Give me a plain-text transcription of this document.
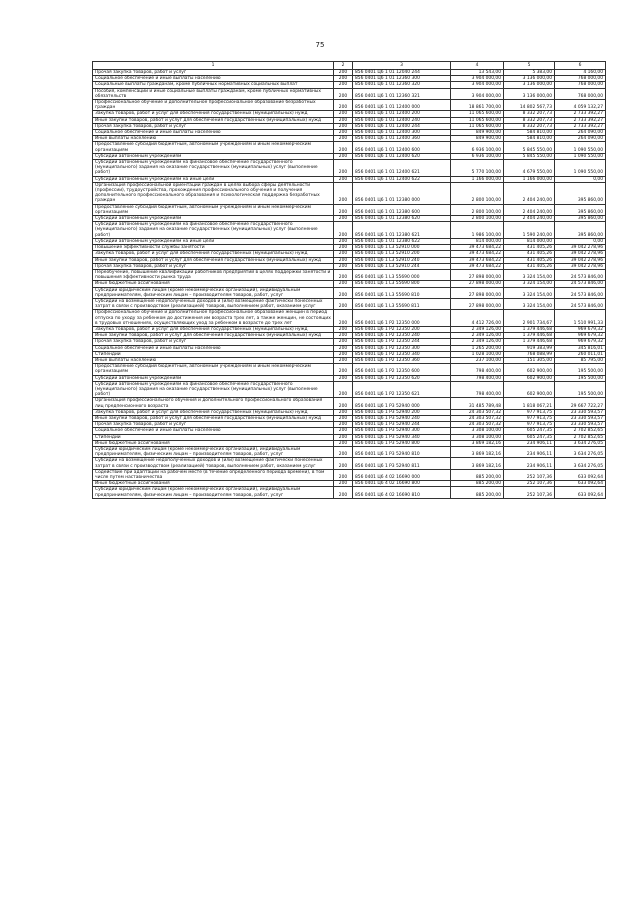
75
1	2	3	4	5	6
Прочая закупка товаров, работ и услуг	200	856 0401 Ц6 1 01 12040 244	13 543,00	5 383,00	4 160,00
Социальное обеспечение и иные выплаты населению	200	856 0401 Ц6 1 01 12360 300	3 904 000,00	3 136 000,00	768 000,00
Социальные выплаты гражданам, кроме публичных нормативных социальных выплат	200	856 0401 Ц6 1 01 12360 320	3 904 000,00	3 136 000,00	768 000,00
Пособия, компенсации и иные социальные выплаты гражданам, кроме публичных нормативных обязательств	200	856 0401 Ц6 1 01 12360 321	3 904 000,00	3 136 000,00	768 000,00
Профессиональное обучение и дополнительное профессиональное образование безработных граждан	200	856 0401 Ц6 1 01 12400 000	18 861 700,00	14 802 567,73	4 059 132,27
Закупка товаров, работ и услуг для обеспечения государственных (муниципальных) нужд	200	856 0401 Ц6 1 01 12400 200	11 065 600,00	8 332 207,73	2 733 392,27
Иные закупки товаров, работ и услуг для обеспечения государственных (муниципальных) нужд	200	856 0401 Ц6 1 01 12400 240	11 065 600,00	8 332 207,73	2 733 392,27
Прочая закупка товаров, работ и услуг	200	856 0401 Ц6 1 01 12400 244	11 065 600,00	8 332 207,73	2 733 392,27
Социальное обеспечение и иные выплаты населению	200	856 0401 Ц6 1 01 12400 300	849 900,00	584 810,00	264 090,00
Иные выплаты населению	200	856 0401 Ц6 1 01 12400 360	849 900,00	584 810,00	264 090,00
Предоставление субсидий бюджетным, автономным учреждениям и иным некоммерческим организациям	200	856 0401 Ц6 1 01 12400 600	6 936 100,00	5 845 550,00	1 090 550,00
Субсидии автономным учреждениям	200	856 0401 Ц6 1 01 12400 620	6 936 100,00	5 845 550,00	1 090 550,00
Субсидии автономным учреждениям на финансовое обеспечение государственного (муниципального) задания на оказание государственных (муниципальных) услуг (выполнение работ)	200	856 0401 Ц6 1 01 12400 621	5 770 100,00	4 679 550,00	1 090 550,00
Субсидии автономным учреждениям на иные цели	200	856 0401 Ц6 1 01 12400 622	1 166 000,00	1 166 000,00	0,00
Организация профессиональной ориентации граждан в целях выбора сферы деятельности (профессии), трудоустройства, прохождения профессионального обучения и получения дополнительного профессионального образования и психологическая поддержка безработных граждан	200	856 0401 Ц6 1 01 12380 000	2 800 100,00	2 404 240,00	395 860,00
Предоставление субсидий бюджетным, автономным учреждениям и иным некоммерческим организациям	200	856 0401 Ц6 1 01 12380 600	2 800 100,00	2 404 240,00	395 860,00
Субсидии автономным учреждениям	200	856 0401 Ц6 1 01 12380 620	2 800 100,00	2 404 240,00	395 860,00
Субсидии автономным учреждениям на финансовое обеспечение государственного (муниципального) задания на оказание государственных (муниципальных) услуг (выполнение работ)	200	856 0401 Ц6 1 01 12380 621	1 986 100,00	1 590 240,00	395 860,00
Субсидии автономным учреждениям на иные цели	200	856 0401 Ц6 1 01 12380 622	814 000,00	814 000,00	0,00
Повышение эффективности службы занятости	200	856 0401 Ц6 1 L3 52910 000	39 473 684,22	431 405,26	39 042 278,96
Закупка товаров, работ и услуг для обеспечения государственных (муниципальных) нужд	200	856 0401 Ц6 1 L3 52910 200	39 473 684,22	431 405,26	39 042 278,96
Иные закупки товаров, работ и услуг для обеспечения государственных (муниципальных) нужд	200	856 0401 Ц6 1 L3 52910 240	39 473 684,22	431 405,26	39 042 278,96
Прочая закупка товаров, работ и услуг	200	856 0401 Ц6 1 L3 52910 244	39 473 684,22	431 405,26	39 042 278,96
Переобучение, повышение квалификации работников предприятий в целях поддержки занятости и повышения эффективности рынка труда	200	856 0401 Ц6 1 L3 55690 000	27 898 000,00	3 324 154,00	24 573 846,00
Иные бюджетные ассигнования	200	856 0401 Ц6 1 L3 55690 800	27 898 000,00	3 324 154,00	24 573 846,00
Субсидии юридическим лицам (кроме некоммерческих организаций), индивидуальным предпринимателям, физическим лицам – производителям товаров, работ, услуг	200	856 0401 Ц6 1 L3 55690 810	27 898 000,00	3 324 154,00	24 573 846,00
Субсидии на возмещение недополученных доходов и (или) возмещение фактически понесенных затрат в связи с производством (реализацией) товаров, выполнением работ, оказанием услуг	200	856 0401 Ц6 1 L3 55690 811	27 898 000,00	3 324 154,00	24 573 846,00
Профессиональное обучение и дополнительное профессиональное образование женщин в период отпуска по уходу за ребенком до достижения им возраста трех лет, а также женщин, не состоящих в трудовых отношениях, осуществляющих уход за ребенком в возрасте до трех лет	200	856 0401 Ц6 1 P2 12350 000	4 412 726,00	2 901 734,67	1 510 991,33
Закупка товаров, работ и услуг для обеспечения государственных (муниципальных) нужд	200	856 0401 Ц6 1 P2 12350 200	2 349 126,00	1 379 446,68	969 679,32
Иные закупки товаров, работ и услуг для обеспечения государственных (муниципальных) нужд	200	856 0401 Ц6 1 P2 12350 240	2 349 126,00	1 379 446,68	969 679,32
Прочая закупка товаров, работ и услуг	200	856 0401 Ц6 1 P2 12350 244	2 349 126,00	1 379 446,68	969 679,32
Социальное обеспечение и иные выплаты населению	200	856 0401 Ц6 1 P2 12350 300	1 265 200,00	919 383,99	345 816,01
Стипендии	200	856 0401 Ц6 1 P2 12350 340	1 028 100,00	768 088,99	260 011,01
Иные выплаты населению	200	856 0401 Ц6 1 P2 12350 360	237 100,00	151 305,00	85 795,00
Предоставление субсидий бюджетным, автономным учреждениям и иным некоммерческим организациям	200	856 0401 Ц6 1 P2 12350 600	798 400,00	602 900,00	195 500,00
Субсидии автономным учреждениям	200	856 0401 Ц6 1 P2 12350 620	798 400,00	602 900,00	195 500,00
Субсидии автономным учреждениям на финансовое обеспечение государственного (муниципального) задания на оказание государственных (муниципальных) услуг (выполнение работ)	200	856 0401 Ц6 1 P2 12350 621	798 400,00	602 900,00	195 500,00
Организация профессионального обучения и дополнительного профессионального образования лиц предпенсионного возраста	200	856 0401 Ц6 1 P3 52940 000	31 485 789,48	1 818 067,21	29 667 722,27
Закупка товаров, работ и услуг для обеспечения государственных (муниципальных) нужд	200	856 0401 Ц6 1 P3 52940 200	24 303 507,32	977 913,75	23 330 593,57
Иные закупки товаров, работ и услуг для обеспечения государственных (муниципальных) нужд	200	856 0401 Ц6 1 P3 52940 240	24 303 507,32	977 913,75	23 330 593,57
Прочая закупка товаров, работ и услуг	200	856 0401 Ц6 1 P3 52940 244	24 303 507,32	977 913,75	23 330 593,57
Социальное обеспечение и иные выплаты населению	200	856 0401 Ц6 1 P3 52940 300	3 308 100,00	605 247,35	2 702 852,65
Стипендии	200	856 0401 Ц6 1 P3 52940 340	3 308 100,00	605 247,35	2 702 852,65
Иные бюджетные ассигнования	200	856 0401 Ц6 1 P3 52940 800	3 869 182,16	234 906,11	3 634 276,05
Субсидии юридическим лицам (кроме некоммерческих организаций), индивидуальным предпринимателям, физическим лицам – производителям товаров, работ, услуг	200	856 0401 Ц6 1 P3 52940 810	3 869 182,16	234 906,11	3 634 276,05
Субсидии на возмещение недополученных доходов и (или) возмещение фактически понесенных затрат в связи с производством (реализацией) товаров, выполнением работ, оказанием услуг	200	856 0401 Ц6 1 P3 52940 811	3 869 182,16	234 906,11	3 634 276,05
Содействие при адаптации на рабочем месте (в течение определенного периода времени), в том числе путем наставничества	200	856 0401 Ц6 4 02 16690 000	885 200,00	252 107,36	633 092,64
Иные бюджетные ассигнования	200	856 0401 Ц6 4 02 16690 800	885 200,00	252 107,36	633 092,64
Субсидии юридическим лицам (кроме некоммерческих организаций), индивидуальным предпринимателям, физическим лицам – производителям товаров, работ, услуг	200	856 0401 Ц6 4 02 16690 810	885 200,00	252 107,36	633 092,64
